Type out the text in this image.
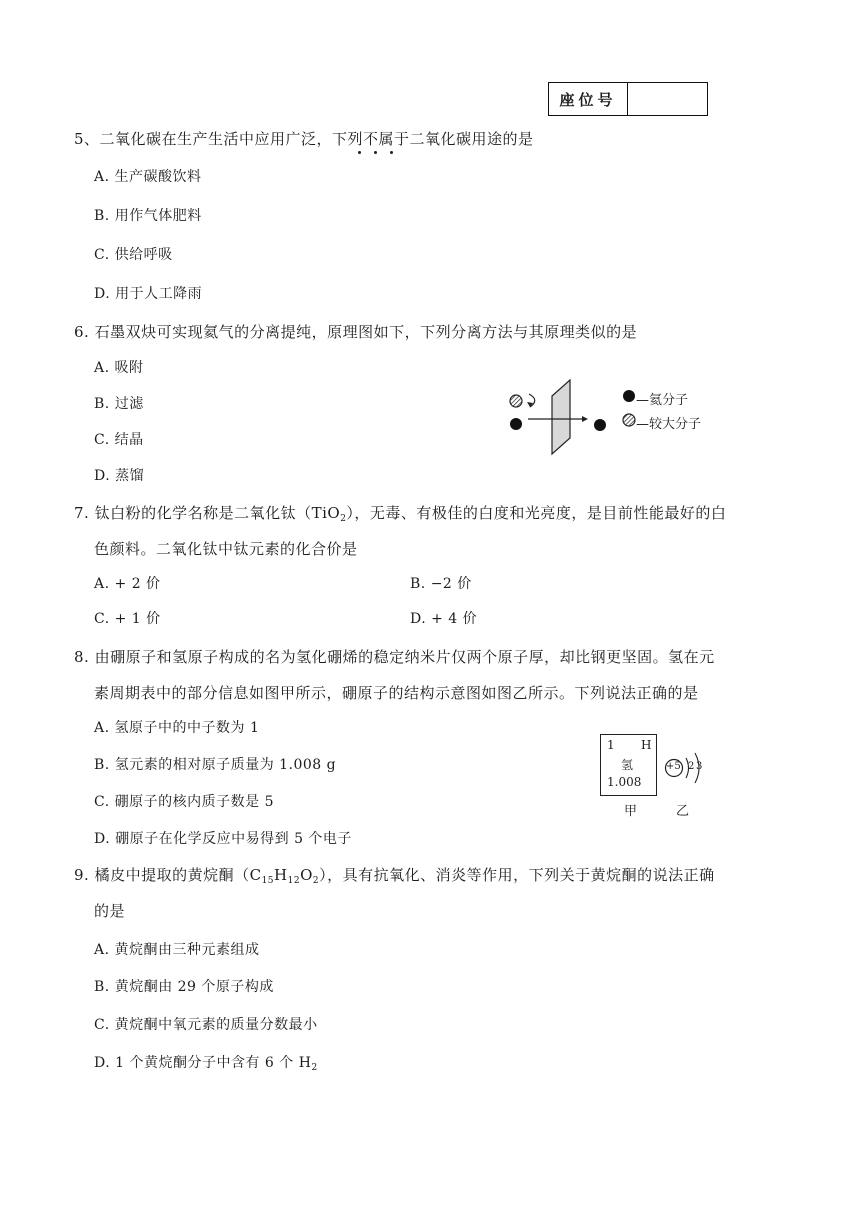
座位号
5、二氧化碳在生产生活中应用广泛，下列不属于二氧化碳用途的是
A. 生产碳酸饮料
B. 用作气体肥料
C. 供给呼吸
D. 用于人工降雨
6. 石墨双炔可实现氦气的分离提纯，原理图如下，下列分离方法与其原理类似的是
A. 吸附
B. 过滤
C. 结晶
D. 蒸馏
—氦分子
—较大分子
7. 钛白粉的化学名称是二氧化钛（TiO$_2$），无毒、有极佳的白度和光亮度，是目前性能最好的白
色颜料。二氧化钛中钛元素的化合价是
A. + 2 价	B. −2 价
C. + 1 价	D. + 4 价
8. 由硼原子和氢原子构成的名为氢化硼烯的稳定纳米片仅两个原子厚，却比钢更坚固。氢在元
素周期表中的部分信息如图甲所示，硼原子的结构示意图如图乙所示。下列说法正确的是
A. 氢原子中的中子数为 1
B. 氢元素的相对原子质量为 1.008 g
C. 硼原子的核内质子数是 5
D. 硼原子在化学反应中易得到 5 个电子
1 H
氢
1.008
甲
+5 2 3
乙
9. 橘皮中提取的黄烷酮$(C_{15}H_{12}O_2)$，具有抗氧化、消炎等作用，下列关于黄烷酮的说法正确
的是
A. 黄烷酮由三种元素组成
B. 黄烷酮由 29 个原子构成
C. 黄烷酮中氧元素的质量分数最小
D. 1 个黄烷酮分子中含有 6 个 $H_2$
